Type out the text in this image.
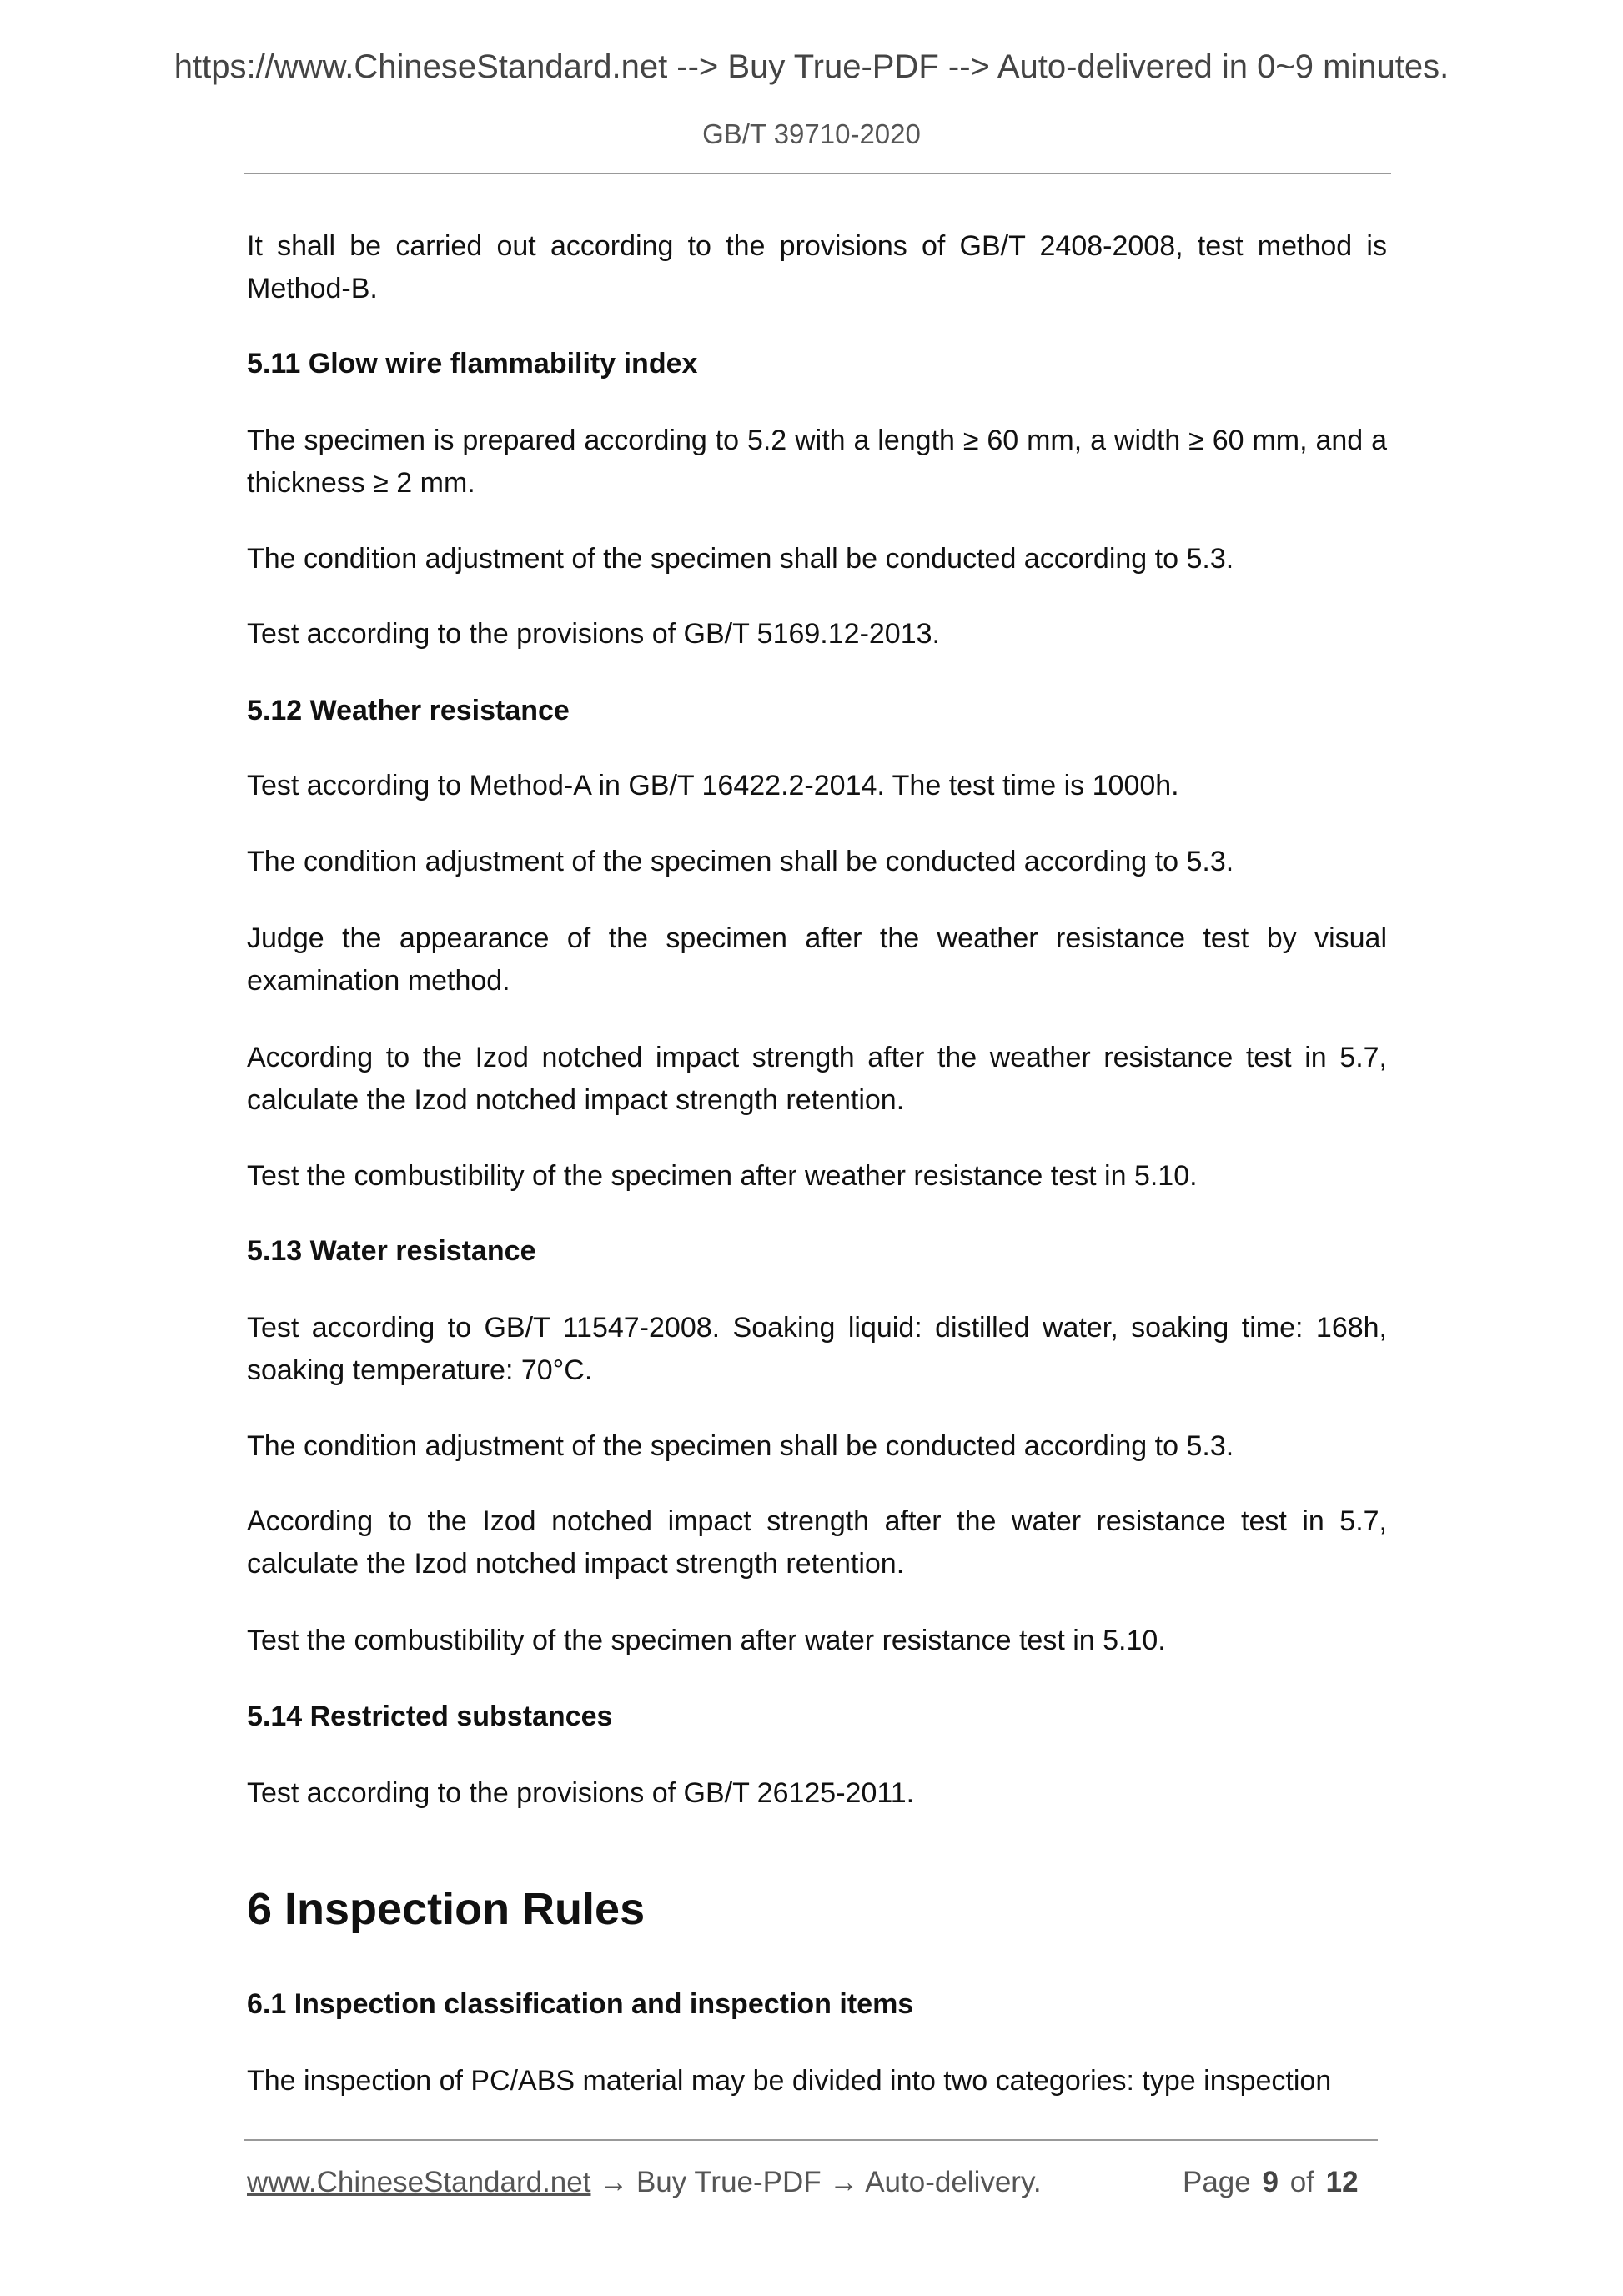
https://www.ChineseStandard.net --> Buy True-PDF --> Auto-delivered in 0~9 minutes.
GB/T 39710-2020
It shall be carried out according to the provisions of GB/T 2408-2008, test method is Method-B.
5.11 Glow wire flammability index
The specimen is prepared according to 5.2 with a length ≥ 60 mm, a width ≥ 60 mm, and a thickness ≥ 2 mm.
The condition adjustment of the specimen shall be conducted according to 5.3.
Test according to the provisions of GB/T 5169.12-2013.
5.12 Weather resistance
Test according to Method-A in GB/T 16422.2-2014. The test time is 1000h.
The condition adjustment of the specimen shall be conducted according to 5.3.
Judge the appearance of the specimen after the weather resistance test by visual examination method.
According to the Izod notched impact strength after the weather resistance test in 5.7, calculate the Izod notched impact strength retention.
Test the combustibility of the specimen after weather resistance test in 5.10.
5.13 Water resistance
Test according to GB/T 11547-2008. Soaking liquid: distilled water, soaking time: 168h, soaking temperature: 70°C.
The condition adjustment of the specimen shall be conducted according to 5.3.
According to the Izod notched impact strength after the water resistance test in 5.7, calculate the Izod notched impact strength retention.
Test the combustibility of the specimen after water resistance test in 5.10.
5.14 Restricted substances
Test according to the provisions of GB/T 26125-2011.
6 Inspection Rules
6.1 Inspection classification and inspection items
The inspection of PC/ABS material may be divided into two categories: type inspection
www.ChineseStandard.net → Buy True-PDF → Auto-delivery.	Page 9 of 12
